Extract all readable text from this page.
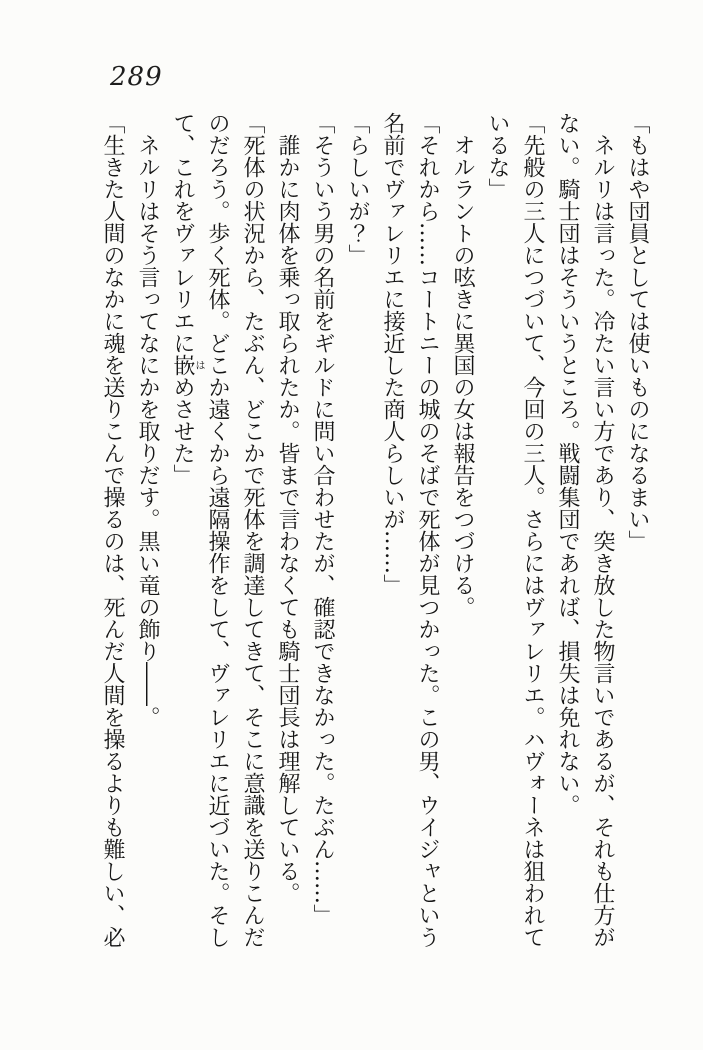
289

「もはや団員としては使いものになるまい」

ネルリは言った。冷たい言い方であり、突き放した物言いであるが、それも仕方がない。騎士団はそういうところ。戦闘集団であれば、損失は免れない。

「先般の三人につづいて、今回の三人。さらにはヴァレリエ。ハヴォーネは狙われているな」

オルラントの呟きに異国の女は報告をつづける。

「それから……コートニーの城のそばで死体が見つかった。この男、ウイジャという名前でヴァレリエに接近した商人らしいが……」

「らしいが？」

「そういう男の名前をギルドに問い合わせたが、確認できなかった。たぶん……」

誰かに肉体を乗っ取られたか。皆まで言わなくても騎士団長は理解している。

「死体の状況から、たぶん、どこかで死体を調達してきて、そこに意識を送りこんだのだろう。歩く死体。どこか遠くから遠隔操作をして、ヴァレリエに近づいた。そして、これをヴァレリエに嵌はめさせた」

ネルリはそう言ってなにかを取りだす。黒い竜の飾り――。

「生きた人間のなかに魂を送りこんで操るのは、死んだ人間を操るよりも難しい、必
